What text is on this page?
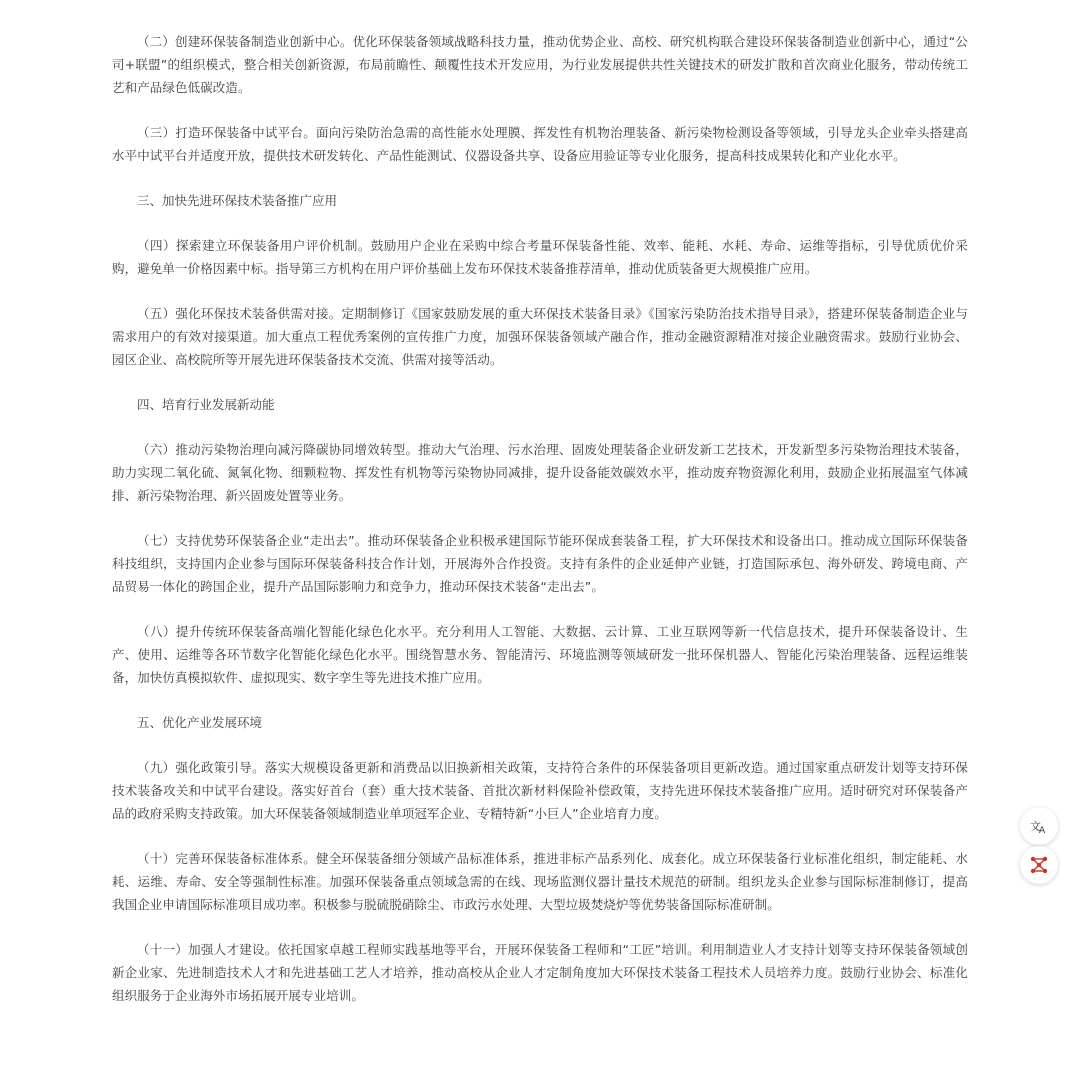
（二）创建环保装备制造业创新中心。优化环保装备领域战略科技力量，推动优势企业、高校、研究机构联合建设环保装备制造业创新中心，通过“公司+联盟”的组织模式，整合相关创新资源，布局前瞻性、颠覆性技术开发应用，为行业发展提供共性关键技术的研发扩散和首次商业化服务，带动传统工艺和产品绿色低碳改造。

（三）打造环保装备中试平台。面向污染防治急需的高性能水处理膜、挥发性有机物治理装备、新污染物检测设备等领域，引导龙头企业牵头搭建高水平中试平台并适度开放，提供技术研发转化、产品性能测试、仪器设备共享、设备应用验证等专业化服务，提高科技成果转化和产业化水平。

三、加快先进环保技术装备推广应用

（四）探索建立环保装备用户评价机制。鼓励用户企业在采购中综合考量环保装备性能、效率、能耗、水耗、寿命、运维等指标，引导优质优价采购，避免单一价格因素中标。指导第三方机构在用户评价基础上发布环保技术装备推荐清单，推动优质装备更大规模推广应用。

（五）强化环保技术装备供需对接。定期制修订《国家鼓励发展的重大环保技术装备目录》《国家污染防治技术指导目录》，搭建环保装备制造企业与需求用户的有效对接渠道。加大重点工程优秀案例的宣传推广力度，加强环保装备领域产融合作，推动金融资源精准对接企业融资需求。鼓励行业协会、园区企业、高校院所等开展先进环保装备技术交流、供需对接等活动。

四、培育行业发展新动能

（六）推动污染物治理向减污降碳协同增效转型。推动大气治理、污水治理、固废处理装备企业研发新工艺技术，开发新型多污染物治理技术装备，助力实现二氧化硫、氮氧化物、细颗粒物、挥发性有机物等污染物协同减排，提升设备能效碳效水平，推动废弃物资源化利用，鼓励企业拓展温室气体减排、新污染物治理、新兴固废处置等业务。

（七）支持优势环保装备企业“走出去”。推动环保装备企业积极承建国际节能环保成套装备工程，扩大环保技术和设备出口。推动成立国际环保装备科技组织，支持国内企业参与国际环保装备科技合作计划，开展海外合作投资。支持有条件的企业延伸产业链，打造国际承包、海外研发、跨境电商、产品贸易一体化的跨国企业，提升产品国际影响力和竞争力，推动环保技术装备“走出去”。

（八）提升传统环保装备高端化智能化绿色化水平。充分利用人工智能、大数据、云计算、工业互联网等新一代信息技术，提升环保装备设计、生产、使用、运维等各环节数字化智能化绿色化水平。围绕智慧水务、智能清污、环境监测等领域研发一批环保机器人、智能化污染治理装备、远程运维装备，加快仿真模拟软件、虚拟现实、数字孪生等先进技术推广应用。

五、优化产业发展环境

（九）强化政策引导。落实大规模设备更新和消费品以旧换新相关政策，支持符合条件的环保装备项目更新改造。通过国家重点研发计划等支持环保技术装备攻关和中试平台建设。落实好首台（套）重大技术装备、首批次新材料保险补偿政策，支持先进环保技术装备推广应用。适时研究对环保装备产品的政府采购支持政策。加大环保装备领域制造业单项冠军企业、专精特新“小巨人”企业培育力度。

（十）完善环保装备标准体系。健全环保装备细分领域产品标准体系，推进非标产品系列化、成套化。成立环保装备行业标准化组织，制定能耗、水耗、运维、寿命、安全等强制性标准。加强环保装备重点领域急需的在线、现场监测仪器计量技术规范的研制。组织龙头企业参与国际标准制修订，提高我国企业申请国际标准项目成功率。积极参与脱硫脱硝除尘、市政污水处理、大型垃圾焚烧炉等优势装备国际标准研制。

（十一）加强人才建设。依托国家卓越工程师实践基地等平台，开展环保装备工程师和“工匠”培训。利用制造业人才支持计划等支持环保装备领域创新企业家、先进制造技术人才和先进基础工艺人才培养，推动高校从企业人才定制角度加大环保技术装备工程技术人员培养力度。鼓励行业协会、标准化组织服务于企业海外市场拓展开展专业培训。

文
A
